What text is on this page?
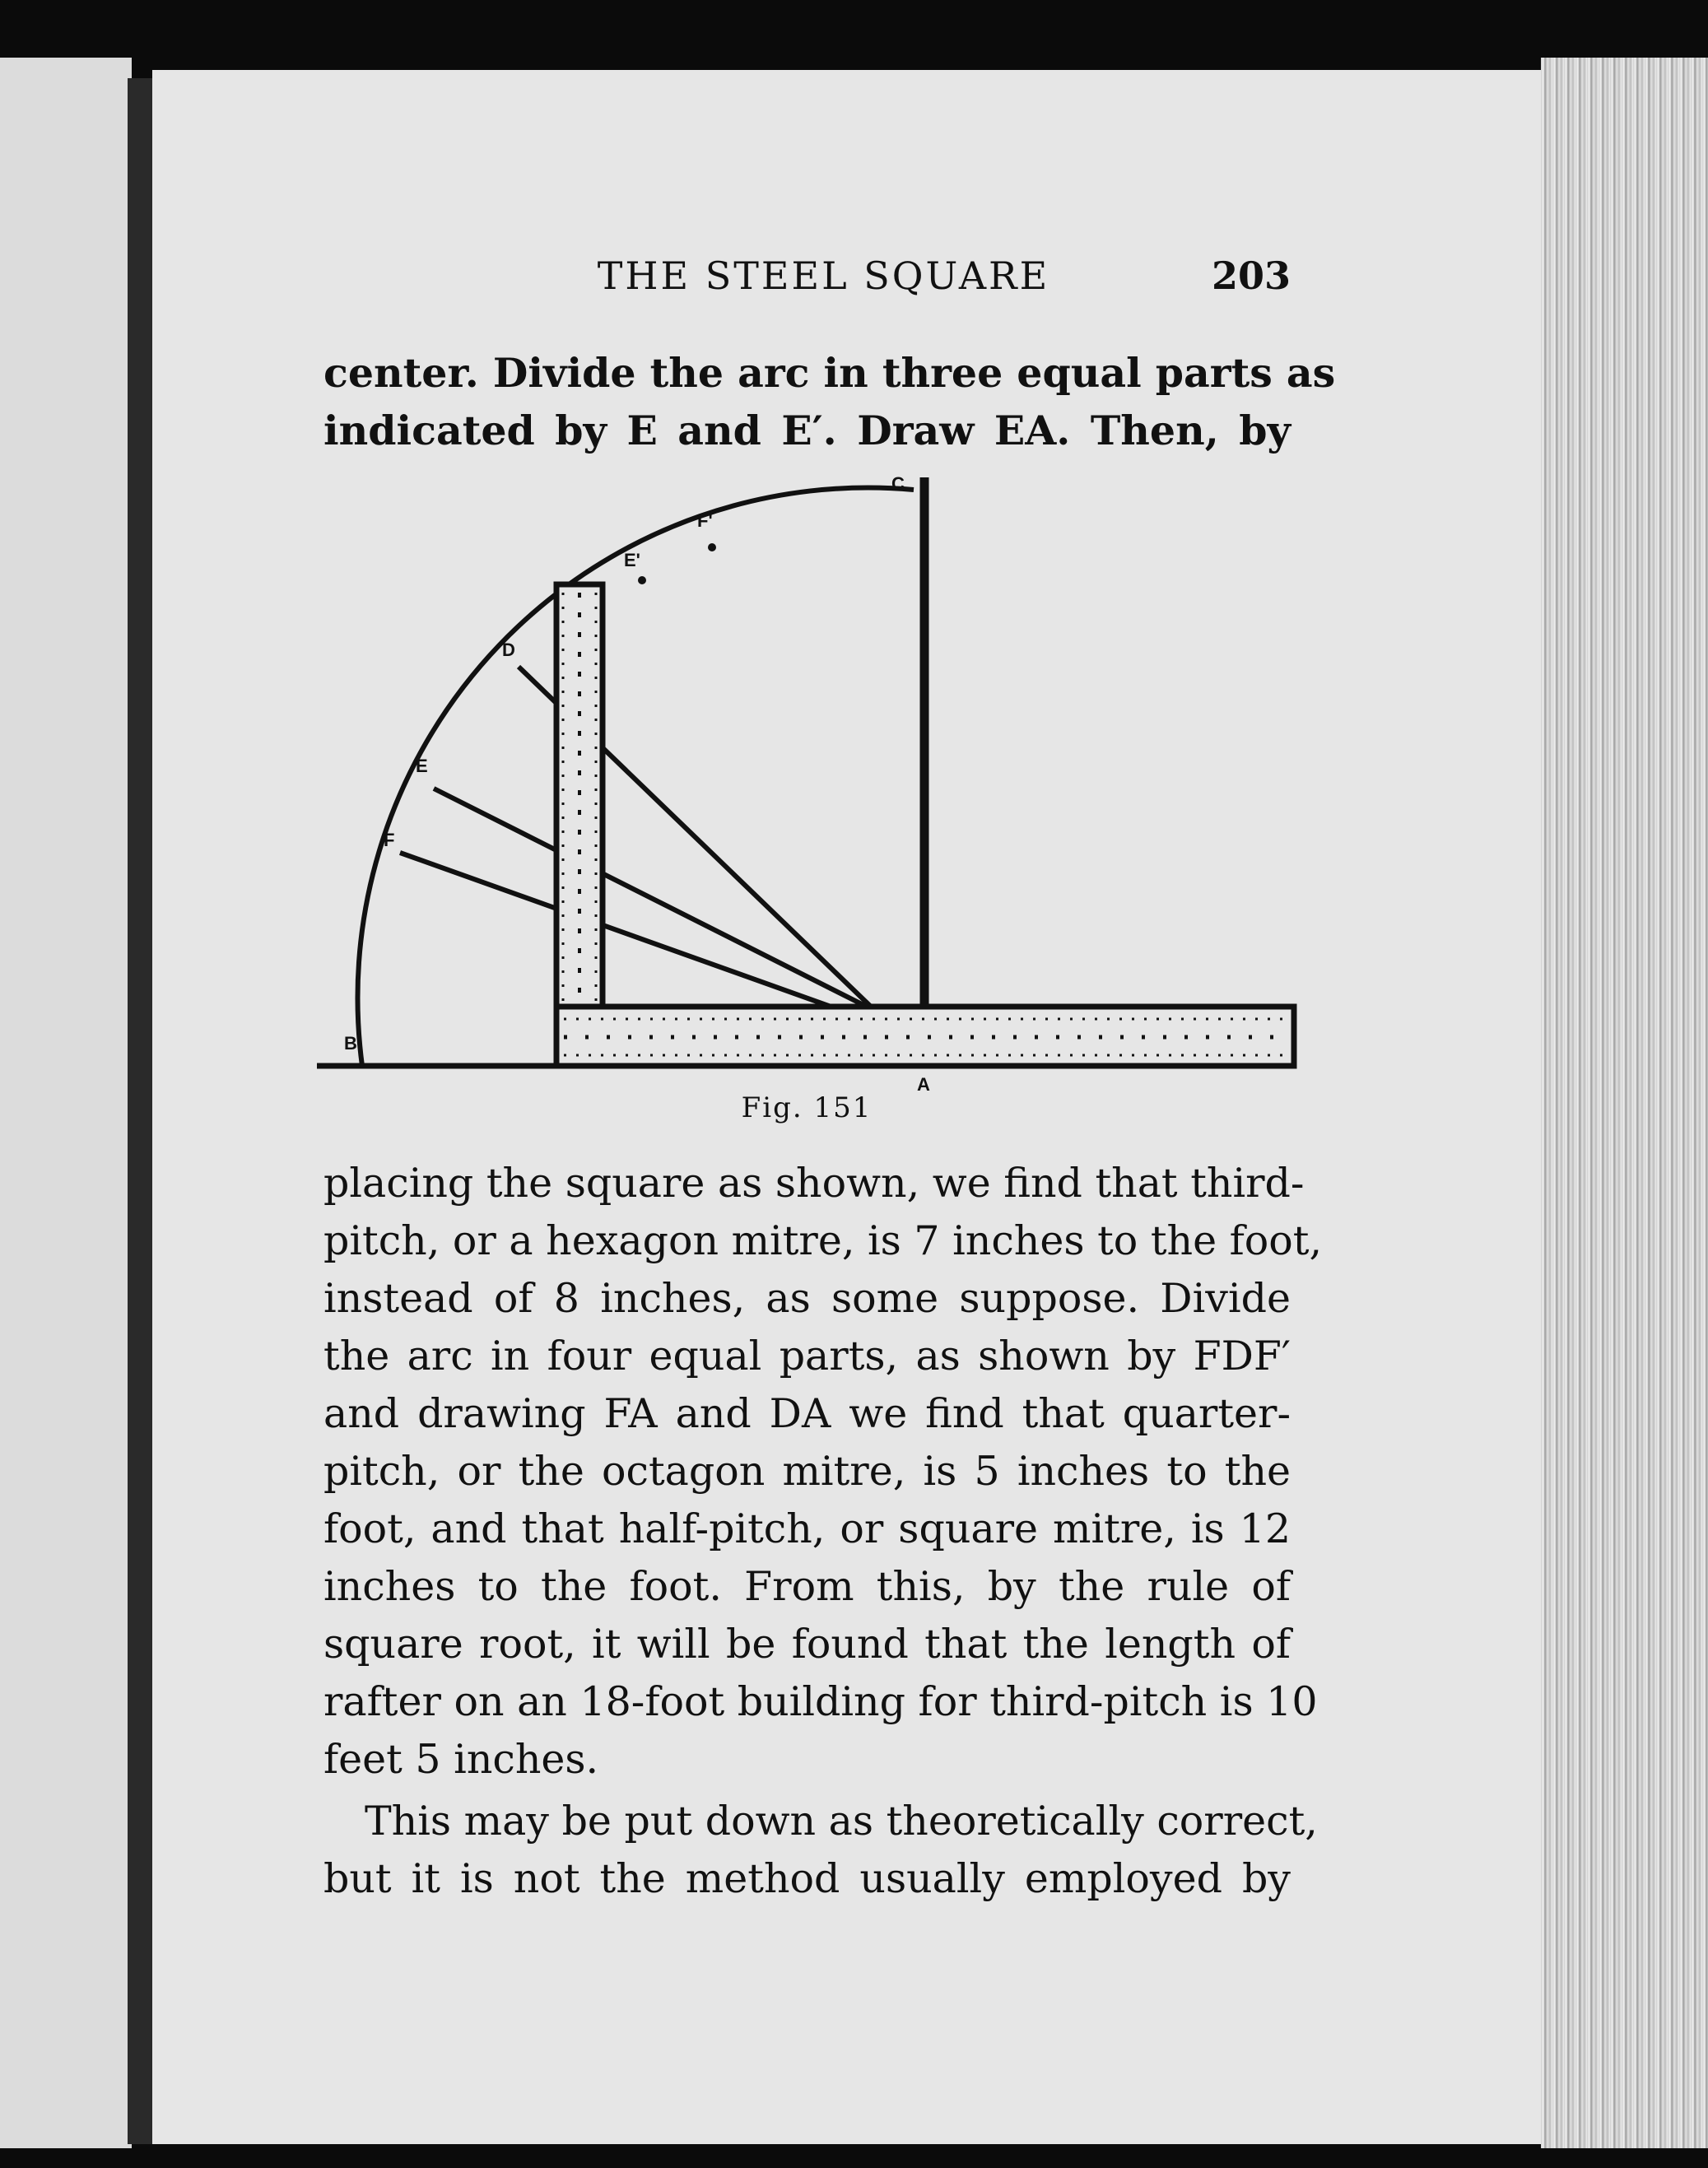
THE STEEL SQUARE	203

center. Divide the arc in three equal parts as

indicated by E and E′. Draw EA. Then, by

C
F'
E'
D
E
F
B
A
Fig. 151

placing the square as shown, we find that third-

pitch, or a hexagon mitre, is 7 inches to the foot,

instead of 8 inches, as some suppose. Divide

the arc in four equal parts, as shown by FDF′

and drawing FA and DA we find that quarter-

pitch, or the octagon mitre, is 5 inches to the

foot, and that half-pitch, or square mitre, is 12

inches to the foot. From this, by the rule of

square root, it will be found that the length of

rafter on an 18-foot building for third-pitch is 10

feet 5 inches.

This may be put down as theoretically correct,

but it is not the method usually employed by
